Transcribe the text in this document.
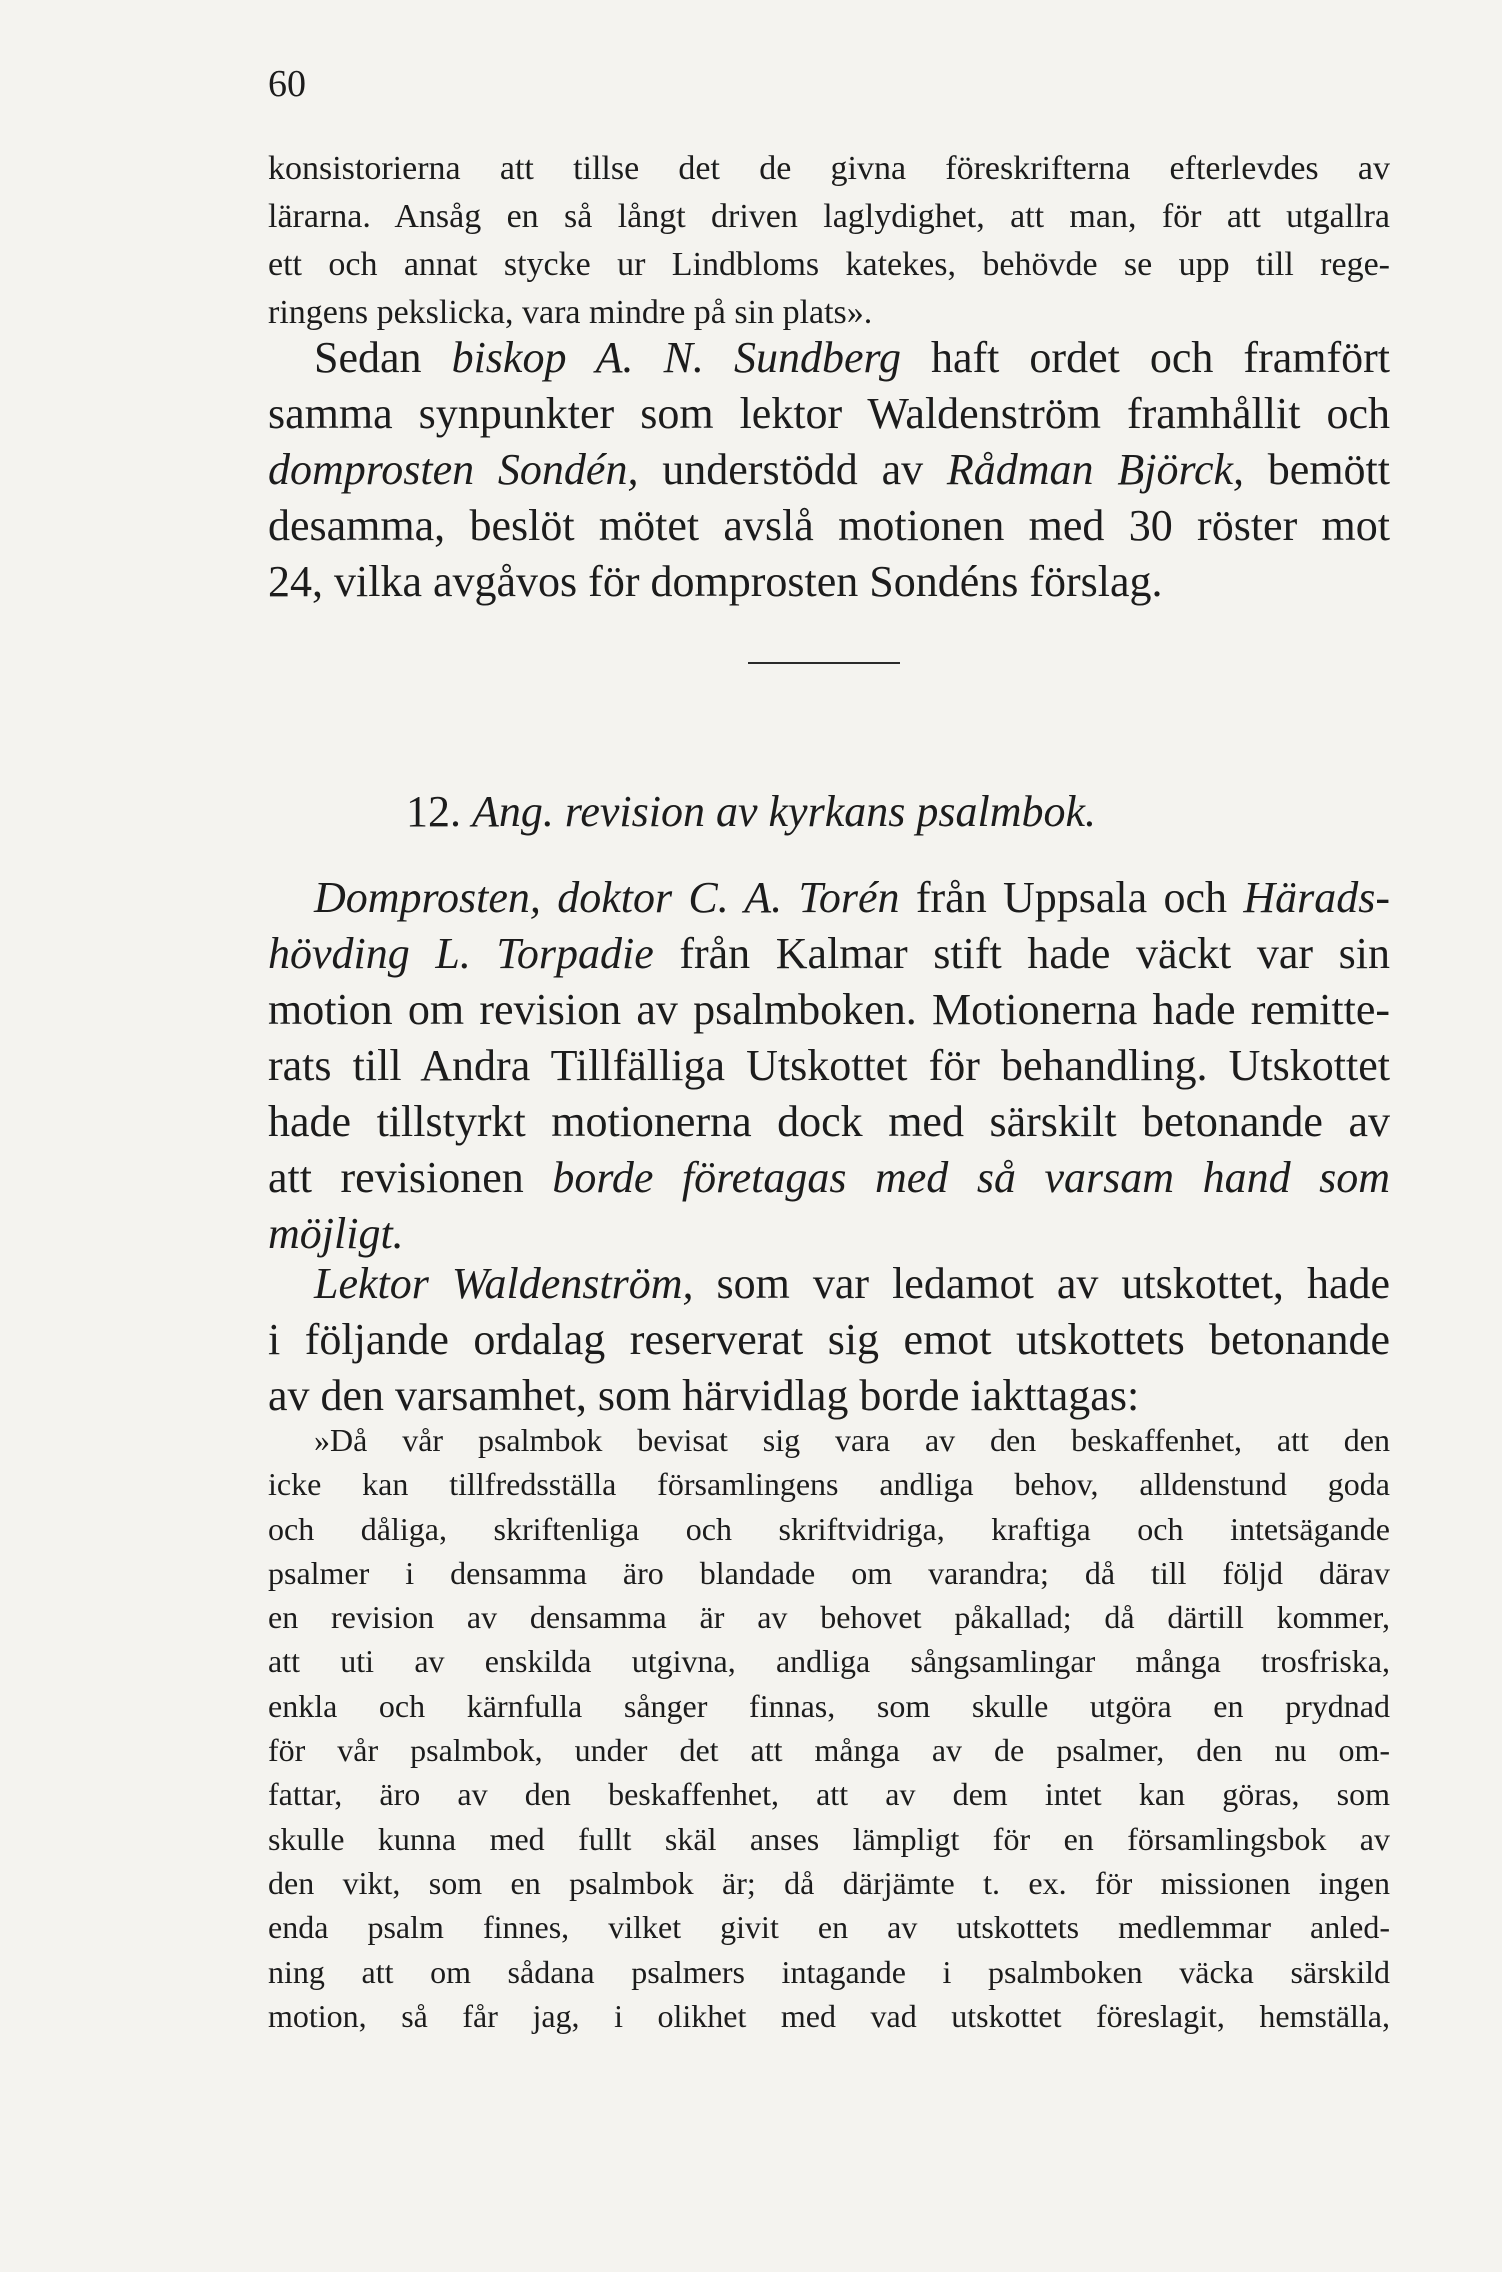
60
konsistorierna att tillse det de givna föreskrifterna efterlevdes av
lärarna. Ansåg en så långt driven laglydighet, att man, för att utgallra
ett och annat stycke ur Lindbloms katekes, behövde se upp till rege-
ringens pekslicka, vara mindre på sin plats».
Sedan biskop A. N. Sundberg haft ordet och framfört
samma synpunkter som lektor Waldenström framhållit och
domprosten Sondén, understödd av Rådman Björck, bemött
desamma, beslöt mötet avslå motionen med 30 röster mot
24, vilka avgåvos för domprosten Sondéns förslag.
12. Ang. revision av kyrkans psalmbok.
Domprosten, doktor C. A. Torén från Uppsala och Härads-
hövding L. Torpadie från Kalmar stift hade väckt var sin
motion om revision av psalmboken. Motionerna hade remitte-
rats till Andra Tillfälliga Utskottet för behandling. Utskottet
hade tillstyrkt motionerna dock med särskilt betonande av
att revisionen borde företagas med så varsam hand som
möjligt.
Lektor Waldenström, som var ledamot av utskottet, hade
i följande ordalag reserverat sig emot utskottets betonande
av den varsamhet, som härvidlag borde iakttagas:
»Då vår psalmbok bevisat sig vara av den beskaffenhet, att den
icke kan tillfredsställa församlingens andliga behov, alldenstund goda
och dåliga, skriftenliga och skriftvidriga, kraftiga och intetsägande
psalmer i densamma äro blandade om varandra; då till följd därav
en revision av densamma är av behovet påkallad; då därtill kommer,
att uti av enskilda utgivna, andliga sångsamlingar många trosfriska,
enkla och kärnfulla sånger finnas, som skulle utgöra en prydnad
för vår psalmbok, under det att många av de psalmer, den nu om-
fattar, äro av den beskaffenhet, att av dem intet kan göras, som
skulle kunna med fullt skäl anses lämpligt för en församlingsbok av
den vikt, som en psalmbok är; då därjämte t. ex. för missionen ingen
enda psalm finnes, vilket givit en av utskottets medlemmar anled-
ning att om sådana psalmers intagande i psalmboken väcka särskild
motion, så får jag, i olikhet med vad utskottet föreslagit, hemställa,
